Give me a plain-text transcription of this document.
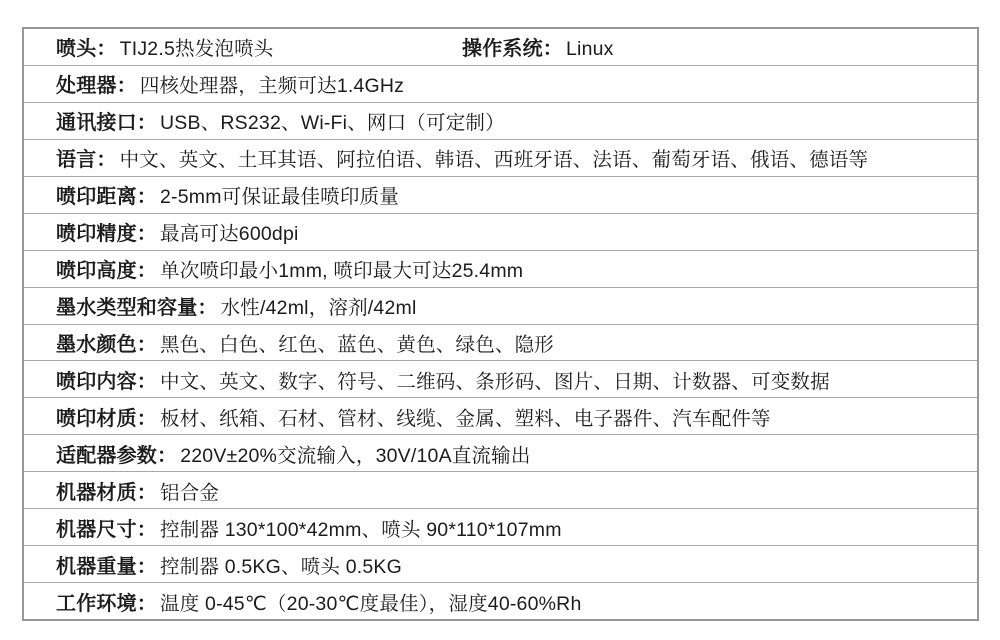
喷头： TIJ2.5热发泡喷头	操作系统： Linux
处理器： 四核处理器，主频可达1.4GHz
通讯接口： USB、RS232、Wi-Fi、网口（可定制）
语言： 中文、英文、土耳其语、阿拉伯语、韩语、西班牙语、法语、葡萄牙语、俄语、德语等
喷印距离： 2-5mm可保证最佳喷印质量
喷印精度： 最高可达600dpi
喷印高度： 单次喷印最小1mm, 喷印最大可达25.4mm
墨水类型和容量： 水性/42ml，溶剂/42ml
墨水颜色： 黑色、白色、红色、蓝色、黄色、绿色、隐形
喷印内容： 中文、英文、数字、符号、二维码、条形码、图片、日期、计数器、可变数据
喷印材质： 板材、纸箱、石材、管材、线缆、金属、塑料、电子器件、汽车配件等
适配器参数： 220V±20%交流输入，30V/10A直流输出
机器材质： 铝合金
机器尺寸： 控制器 130*100*42mm、喷头 90*110*107mm
机器重量： 控制器 0.5KG、喷头 0.5KG
工作环境： 温度 0-45℃（20-30℃度最佳），湿度40-60%Rh
